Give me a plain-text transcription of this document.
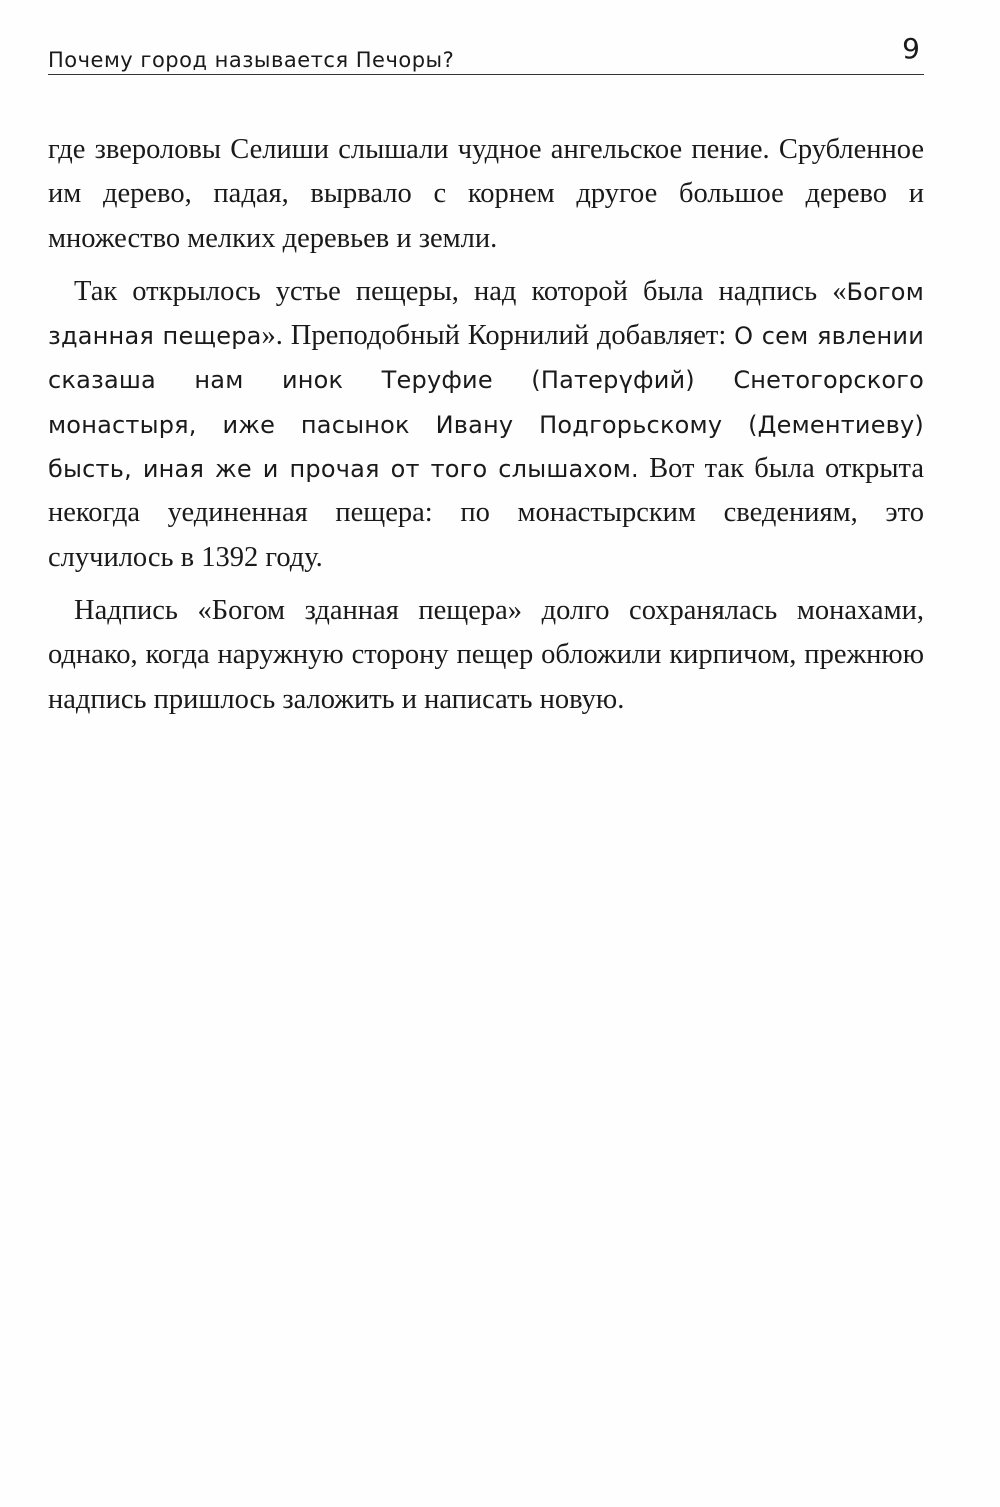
Почему город называется Печоры?	9

где звероловы Селиши слышали чудное ангельское пение. Срубленное им дерево, падая, вырвало с корнем другое большое дерево и множество мелких деревьев и земли.

Так открылось устье пещеры, над которой была надпись «Богом зданная пещера». Преподобный Корнилий добавляет: О сем явлении сказаша нам инок Теруфие (Патерүфий) Снетогорского монастыря, иже пасынок Ивану Подгорьскому (Дементиеву) бысть, иная же и прочая от того слышахом. Вот так была открыта некогда уединенная пещера: по монастырским сведениям, это случилось в 1392 году.

Надпись «Богом зданная пещера» долго сохранялась монахами, однако, когда наружную сторону пещер обложили кирпичом, прежнюю надпись пришлось заложить и написать новую.
